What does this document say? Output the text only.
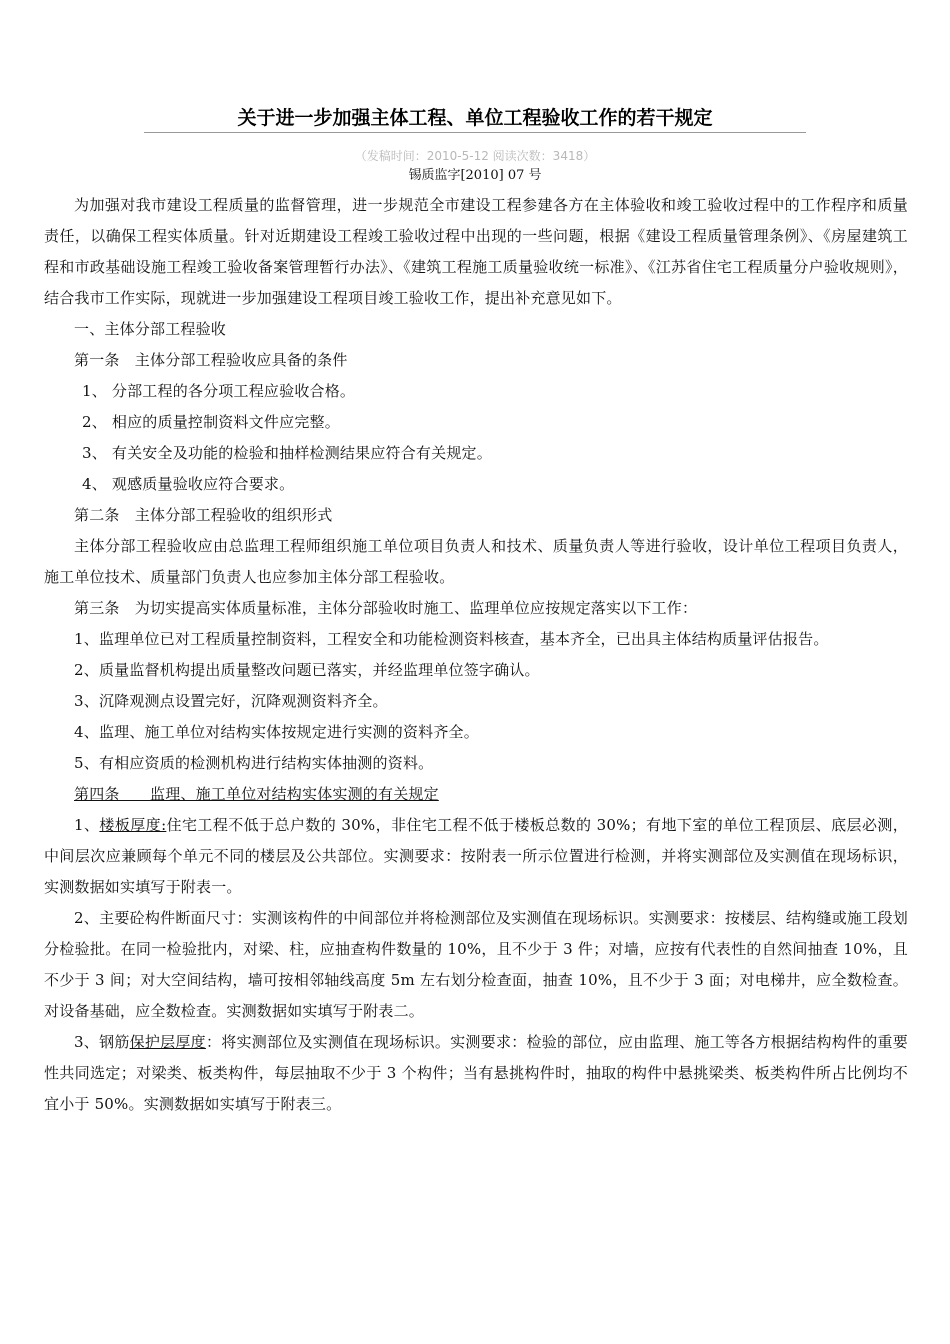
关于进一步加强主体工程、单位工程验收工作的若干规定
（发稿时间：2010-5-12 阅读次数：3418）
锡质监字[2010] 07 号

为加强对我市建设工程质量的监督管理，进一步规范全市建设工程参建各方在主体验收和竣工验收过程中的工作程序和质量责任，以确保工程实体质量。针对近期建设工程竣工验收过程中出现的一些问题，根据《建设工程质量管理条例》、《房屋建筑工程和市政基础设施工程竣工验收备案管理暂行办法》、《建筑工程施工质量验收统一标准》、《江苏省住宅工程质量分户验收规则》，结合我市工作实际，现就进一步加强建设工程项目竣工验收工作，提出补充意见如下。

一、主体分部工程验收

第一条　主体分部工程验收应具备的条件

1、 分部工程的各分项工程应验收合格。

2、 相应的质量控制资料文件应完整。

3、 有关安全及功能的检验和抽样检测结果应符合有关规定。

4、 观感质量验收应符合要求。

第二条　主体分部工程验收的组织形式

主体分部工程验收应由总监理工程师组织施工单位项目负责人和技术、质量负责人等进行验收，设计单位工程项目负责人，施工单位技术、质量部门负责人也应参加主体分部工程验收。

第三条　为切实提高实体质量标准，主体分部验收时施工、监理单位应按规定落实以下工作：

1、监理单位已对工程质量控制资料，工程安全和功能检测资料核查，基本齐全，已出具主体结构质量评估报告。

2、质量监督机构提出质量整改问题已落实，并经监理单位签字确认。

3、沉降观测点设置完好，沉降观测资料齐全。

4、监理、施工单位对结构实体按规定进行实测的资料齐全。

5、有相应资质的检测机构进行结构实体抽测的资料。

第四条　　监理、施工单位对结构实体实测的有关规定

1、楼板厚度:住宅工程不低于总户数的 30%，非住宅工程不低于楼板总数的 30%；有地下室的单位工程顶层、底层必测，中间层次应兼顾每个单元不同的楼层及公共部位。实测要求：按附表一所示位置进行检测，并将实测部位及实测值在现场标识，实测数据如实填写于附表一。

2、主要砼构件断面尺寸：实测该构件的中间部位并将检测部位及实测值在现场标识。实测要求：按楼层、结构缝或施工段划分检验批。在同一检验批内，对梁、柱，应抽查构件数量的 10%，且不少于 3 件；对墙，应按有代表性的自然间抽查 10%，且不少于 3 间；对大空间结构，墙可按相邻轴线高度 5m 左右划分检查面，抽查 10%，且不少于 3 面；对电梯井，应全数检查。对设备基础，应全数检查。实测数据如实填写于附表二。

3、钢筋保护层厚度：将实测部位及实测值在现场标识。实测要求：检验的部位，应由监理、施工等各方根据结构构件的重要性共同选定；对梁类、板类构件，每层抽取不少于 3 个构件；当有悬挑构件时，抽取的构件中悬挑梁类、板类构件所占比例均不宜小于 50%。实测数据如实填写于附表三。
